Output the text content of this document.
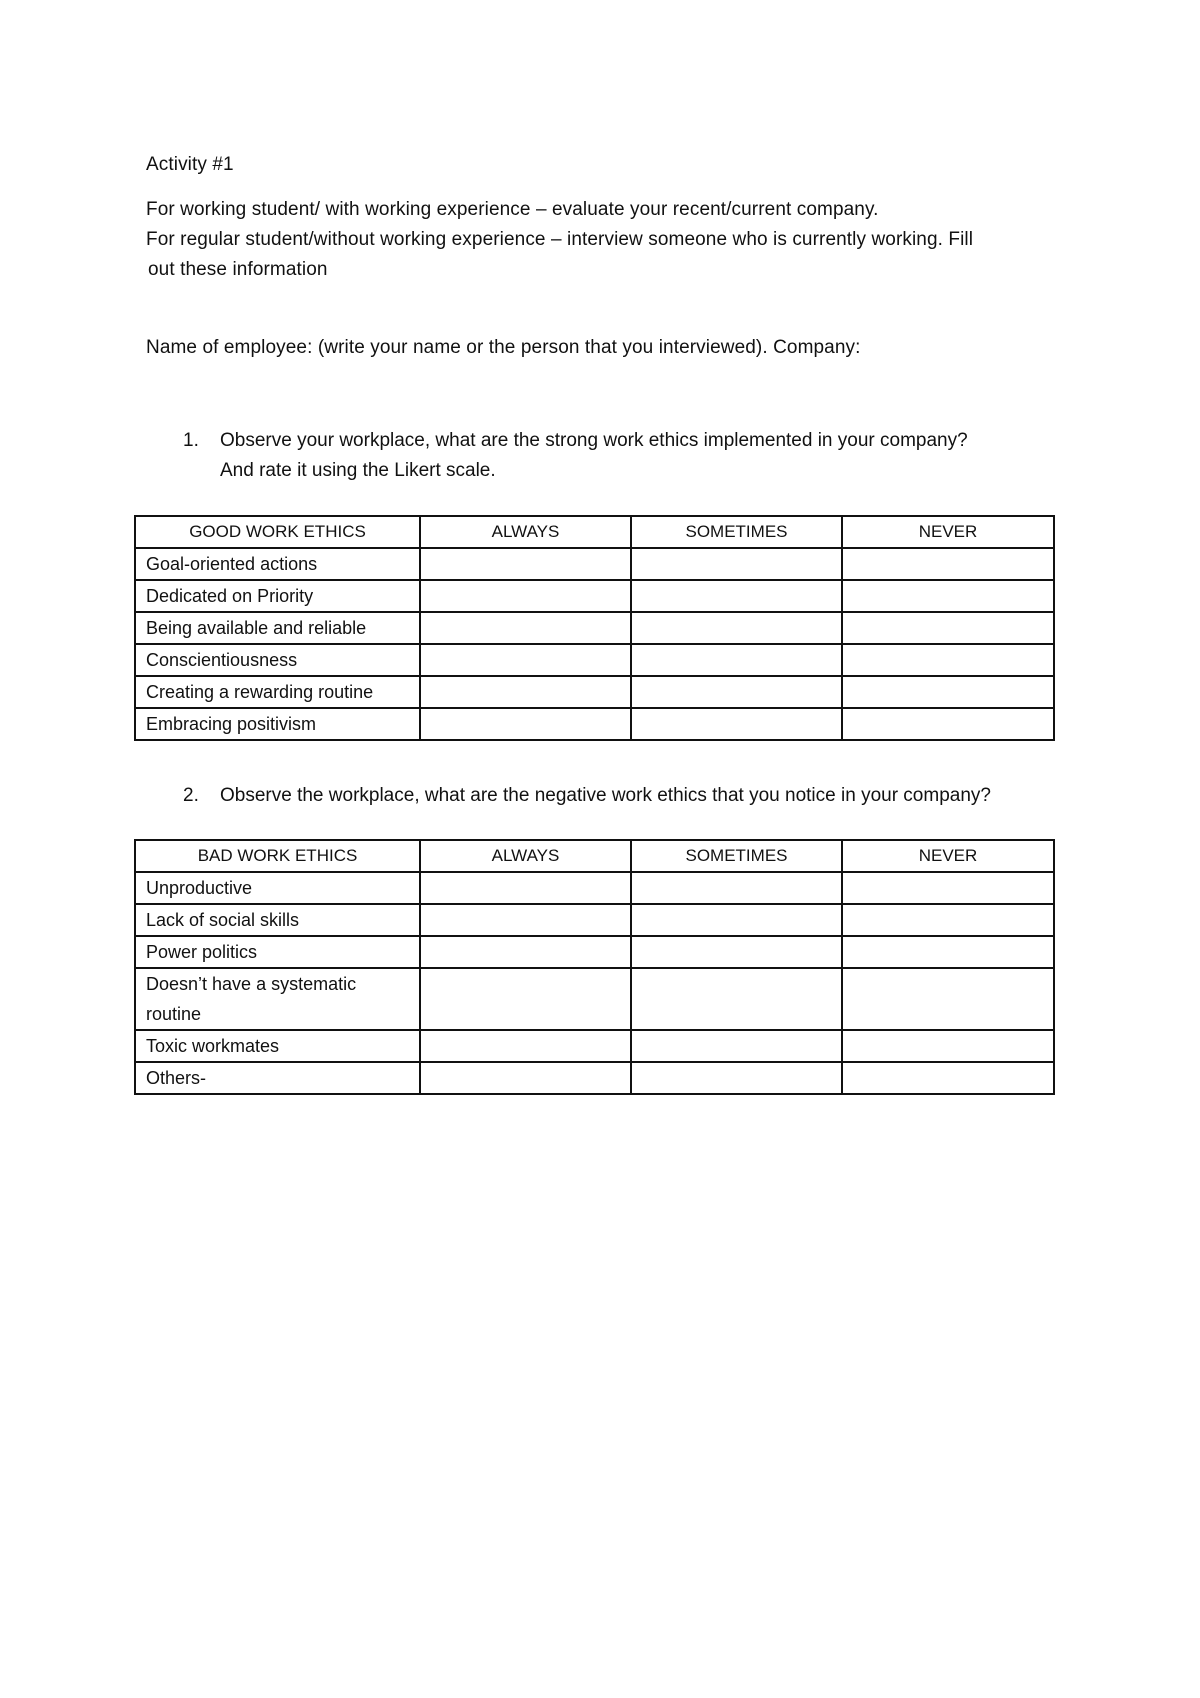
Activity #1
For working student/ with working experience – evaluate your recent/current company.
For regular student/without working experience – interview someone who is currently working. Fill
out these information
Name of employee: (write your name or the person that you interviewed). Company:
1. Observe your workplace, what are the strong work ethics implemented in your company?
And rate it using the Likert scale.
GOOD WORK ETHICS	ALWAYS	SOMETIMES	NEVER
Goal-oriented actions			
Dedicated on Priority			
Being available and reliable			
Conscientiousness			
Creating a rewarding routine			
Embracing positivism			
2. Observe the workplace, what are the negative work ethics that you notice in your company?
BAD WORK ETHICS	ALWAYS	SOMETIMES	NEVER
Unproductive			
Lack of social skills			
Power politics			
Doesn’t have a systematic routine			
Toxic workmates			
Others-			
